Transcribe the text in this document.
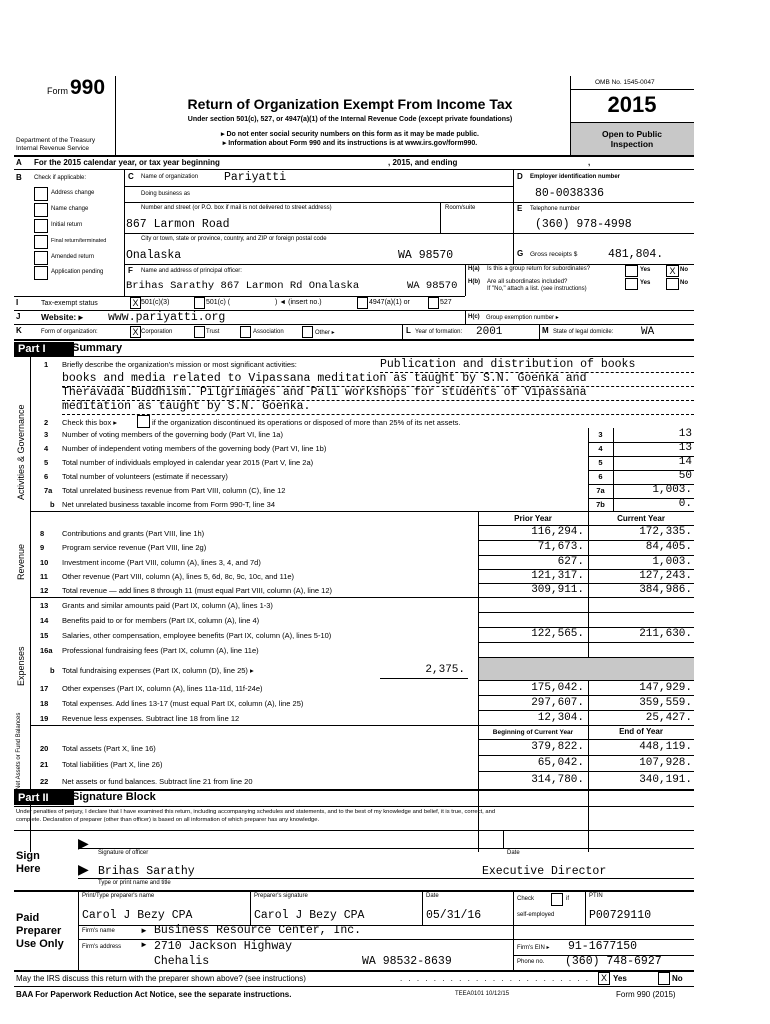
Form 990
Department of the Treasury
Internal Revenue Service
Return of Organization Exempt From Income Tax
Under section 501(c), 527, or 4947(a)(1) of the Internal Revenue Code (except private foundations)
▸ Do not enter social security numbers on this form as it may be made public.
▸ Information about Form 990 and its instructions is at www.irs.gov/form990.
OMB No. 1545-0047
2015
Open to Public
Inspection
A For the 2015 calendar year, or tax year beginning	, 2015, and ending	,
B Check if applicable:
Address change
Name change
Initial return
Final return/terminated
Amended return
Application pending
C Name of organization Pariyatti
Doing business as
Number and street (or P.O. box if mail is not delivered to street address)	Room/suite
867 Larmon Road
City or town, state or province, country, and ZIP or foreign postal code
Onalaska	WA 98570
F Name and address of principal officer:
Brihas Sarathy 867 Larmon Rd Onalaska	WA 98570
D Employer identification number
80-0038336
E Telephone number
(360) 978-4998
G Gross receipts $	481,804.
H(a) Is this a group return for subordinates?	Yes	X No
H(b) Are all subordinates included?
If "No," attach a list. (see instructions)
Yes	No
I	Tax-exempt status	X 501(c)(3)	501(c) (	) ◄ (insert no.)	4947(a)(1) or	527
J Website: ▸ www.pariyatti.org	H(c) Group exemption number ▸
K	Form of organization:	X Corporation	Trust	Association	Other ▸	L Year of formation: 2001	M State of legal domicile:	WA
Part I	Summary
Activities & Governance
Revenue
Expenses
Net Assets or Fund Balances
1 Briefly describe the organization's mission or most significant activities:	Publication and distribution of books
books and media related to Vipassana meditation as taught by S.N. Goenka and
Theravada Buddhism. Pilgrimages and Pali workshops for students of Vipassana
meditation as taught by S.N. Goenka.
2 Check this box ▸	if the organization discontinued its operations or disposed of more than 25% of its net assets.
3 Number of voting members of the governing body (Part VI, line 1a)	3	13
4 Number of independent voting members of the governing body (Part VI, line 1b)	4	13
5 Total number of individuals employed in calendar year 2015 (Part V, line 2a)	5	14
6 Total number of volunteers (estimate if necessary)	6	50
7a Total unrelated business revenue from Part VIII, column (C), line 12	7a	1,003.
b Net unrelated business taxable income from Form 990-T, line 34	7b	0.
Prior Year	Current Year
8 Contributions and grants (Part VIII, line 1h)	116,294.	172,335.
9 Program service revenue (Part VIII, line 2g)	71,673.	84,405.
10 Investment income (Part VIII, column (A), lines 3, 4, and 7d)	627.	1,003.
11 Other revenue (Part VIII, column (A), lines 5, 6d, 8c, 9c, 10c, and 11e)	121,317.	127,243.
12 Total revenue — add lines 8 through 11 (must equal Part VIII, column (A), line 12)	309,911.	384,986.
13 Grants and similar amounts paid (Part IX, column (A), lines 1-3)
14 Benefits paid to or for members (Part IX, column (A), line 4)
15 Salaries, other compensation, employee benefits (Part IX, column (A), lines 5-10)	122,565.	211,630.
16a Professional fundraising fees (Part IX, column (A), line 11e)
b Total fundraising expenses (Part IX, column (D), line 25) ▸	2,375.
17 Other expenses (Part IX, column (A), lines 11a-11d, 11f-24e)	175,042.	147,929.
18 Total expenses. Add lines 13-17 (must equal Part IX, column (A), line 25)	297,607.	359,559.
19 Revenue less expenses. Subtract line 18 from line 12	12,304.	25,427.
Beginning of Current Year	End of Year
20 Total assets (Part X, line 16)	379,822.	448,119.
21 Total liabilities (Part X, line 26)	65,042.	107,928.
22 Net assets or fund balances. Subtract line 21 from line 20	314,780.	340,191.
Part II	Signature Block
Under penalties of perjury, I declare that I have examined this return, including accompanying schedules and statements, and to the best of my knowledge and belief, it is true, correct, and
complete. Declaration of preparer (other than officer) is based on all information of which preparer has any knowledge.
Sign
Here
▶
Signature of officer	Date
▶ Brihas Sarathy	Executive Director
Type or print name and title
Paid
Preparer
Use Only
Print/Type preparer's name	Preparer's signature	Date	Check	if
self-employed
PTIN
Carol J Bezy CPA	Carol J Bezy CPA	05/31/16	P00729110
Firm's name	► Business Resource Center, Inc.
Firm's address ► 2710 Jackson Highway	Firm's EIN ▸ 91-1677150
Chehalis	WA 98532-8639	Phone no. (360) 748-6927
May the IRS discuss this return with the preparer shown above? (see instructions)	. . . . . . . . . . . . . . . . . . . . . . .	X Yes	No
BAA For Paperwork Reduction Act Notice, see the separate instructions.	TEEA0101 10/12/15	Form 990 (2015)
